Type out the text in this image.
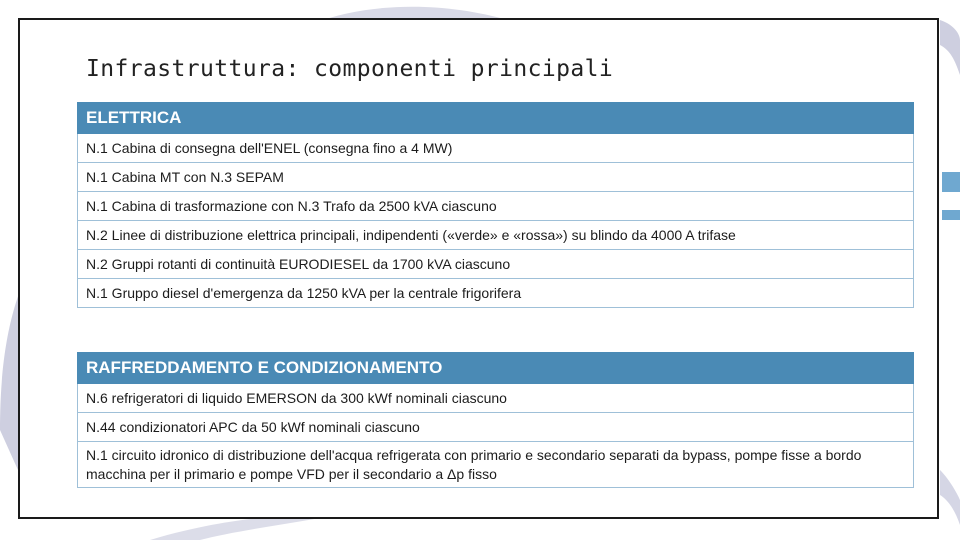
Infrastruttura: componenti principali
ELETTRICA
N.1 Cabina di consegna dell'ENEL (consegna fino a 4 MW)
N.1 Cabina MT con N.3 SEPAM
N.1 Cabina di trasformazione con N.3 Trafo da 2500 kVA ciascuno
N.2 Linee di distribuzione elettrica principali, indipendenti («verde» e «rossa») su blindo da 4000 A trifase
N.2 Gruppi rotanti di continuità EURODIESEL da 1700 kVA ciascuno
N.1 Gruppo diesel d'emergenza da 1250 kVA per la centrale frigorifera
RAFFREDDAMENTO E CONDIZIONAMENTO
N.6 refrigeratori di liquido EMERSON da 300 kWf nominali ciascuno
N.44 condizionatori APC da 50 kWf nominali ciascuno
N.1 circuito idronico di distribuzione dell'acqua refrigerata con primario e secondario separati da bypass, pompe fisse a bordo macchina per il primario e pompe VFD per il secondario a Δp fisso
